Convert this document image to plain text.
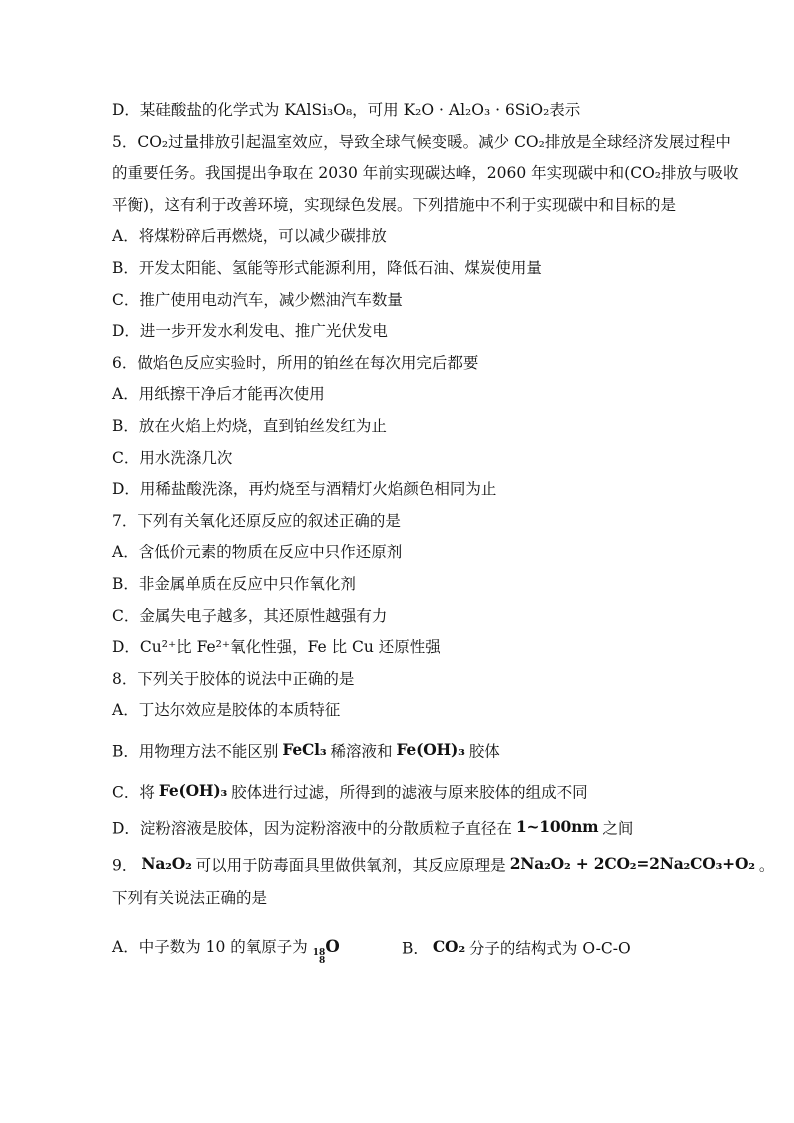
D．某硅酸盐的化学式为 KAlSi₃O₈，可用 K₂O · Al₂O₃ · 6SiO₂表示

5．CO₂过量排放引起温室效应，导致全球气候变暖。减少 CO₂排放是全球经济发展过程中

的重要任务。我国提出争取在 2030 年前实现碳达峰，2060 年实现碳中和(CO₂排放与吸收

平衡)，这有利于改善环境，实现绿色发展。下列措施中不利于实现碳中和目标的是

A．将煤粉碎后再燃烧，可以减少碳排放

B．开发太阳能、氢能等形式能源利用，降低石油、煤炭使用量

C．推广使用电动汽车，减少燃油汽车数量

D．进一步开发水利发电、推广光伏发电

6．做焰色反应实验时，所用的铂丝在每次用完后都要

A．用纸擦干净后才能再次使用

B．放在火焰上灼烧，直到铂丝发红为止

C．用水洗涤几次

D．用稀盐酸洗涤，再灼烧至与酒精灯火焰颜色相同为止

7．下列有关氧化还原反应的叙述正确的是

A．含低价元素的物质在反应中只作还原剂

B．非金属单质在反应中只作氧化剂

C．金属失电子越多，其还原性越强有力

D．Cu²⁺比 Fe²⁺氧化性强，Fe 比 Cu 还原性强

8．下列关于胶体的说法中正确的是

A．丁达尔效应是胶体的本质特征

B．用物理方法不能区别 FeCl₃ 稀溶液和 Fe(OH)₃ 胶体

C．将 Fe(OH)₃ 胶体进行过滤，所得到的滤液与原来胶体的组成不同

D．淀粉溶液是胶体，因为淀粉溶液中的分散质粒子直径在 1~100nm 之间

9． Na₂O₂ 可以用于防毒面具里做供氧剂，其反应原理是 2Na₂O₂ + 2CO₂=2Na₂CO₃+O₂ 。

下列有关说法正确的是

A．中子数为 10 的氧原子为 18
8
O	B． CO₂ 分子的结构式为 O-C-O
